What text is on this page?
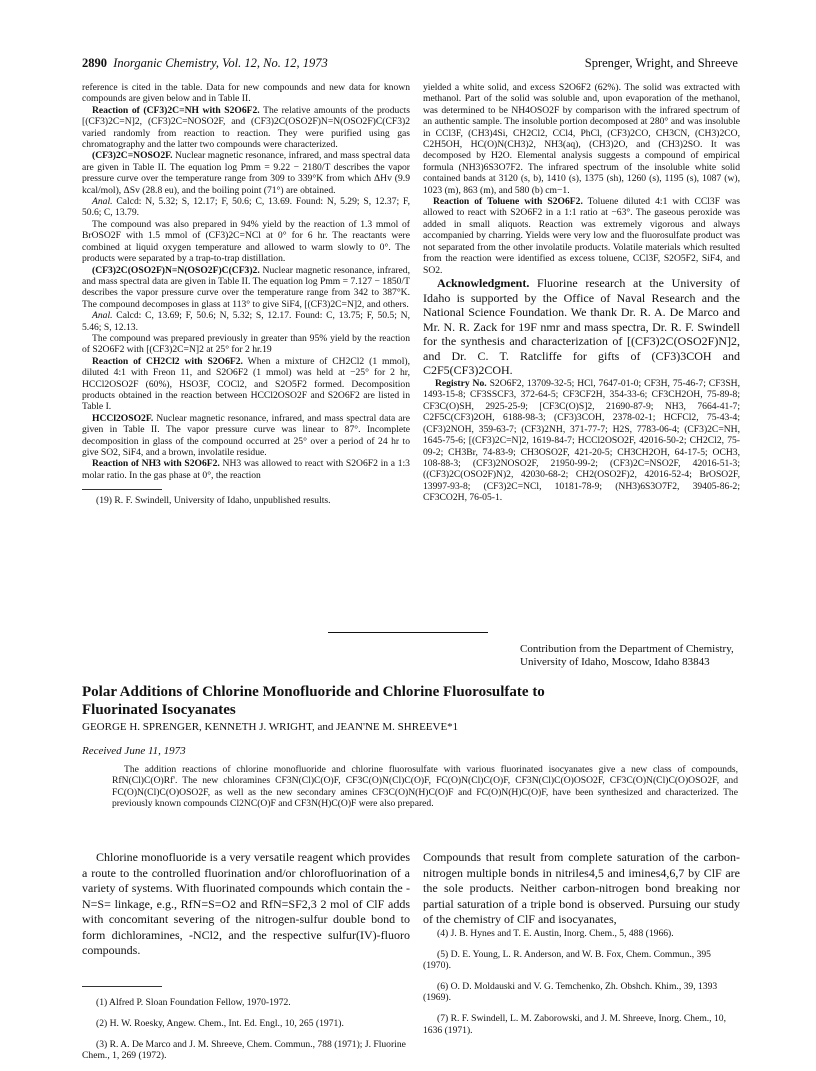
2890 Inorganic Chemistry, Vol. 12, No. 12, 1973	Sprenger, Wright, and Shreeve

reference is cited in the table. Data for new compounds and new data for known compounds are given below and in Table II.

Reaction of (CF3)2C=NH with S2O6F2. The relative amounts of the products [(CF3)2C=N]2, (CF3)2C=NOSO2F, and (CF3)2C(OSO2F)N=N(OSO2F)C(CF3)2 varied randomly from reaction to reaction. They were purified using gas chromatography and the latter two compounds were characterized.

(CF3)2C=NOSO2F. Nuclear magnetic resonance, infrared, and mass spectral data are given in Table II. The equation log Pmm = 9.22 − 2180/T describes the vapor pressure curve over the temperature range from 309 to 339°K from which ΔHv (9.9 kcal/mol), ΔSv (28.8 eu), and the boiling point (71°) are obtained.

Anal. Calcd: N, 5.32; S, 12.17; F, 50.6; C, 13.69. Found: N, 5.29; S, 12.37; F, 50.6; C, 13.79.

The compound was also prepared in 94% yield by the reaction of 1.3 mmol of BrOSO2F with 1.5 mmol of (CF3)2C=NCl at 0° for 6 hr. The reactants were combined at liquid oxygen temperature and allowed to warm slowly to 0°. The products were separated by a trap-to-trap distillation.

(CF3)2C(OSO2F)N=N(OSO2F)C(CF3)2. Nuclear magnetic resonance, infrared, and mass spectral data are given in Table II. The equation log Pmm = 7.127 − 1850/T describes the vapor pressure curve over the temperature range from 342 to 387°K. The compound decomposes in glass at 113° to give SiF4, [(CF3)2C=N]2, and others.

Anal. Calcd: C, 13.69; F, 50.6; N, 5.32; S, 12.17. Found: C, 13.75; F, 50.5; N, 5.46; S, 12.13.

The compound was prepared previously in greater than 95% yield by the reaction of S2O6F2 with [(CF3)2C=N]2 at 25° for 2 hr.19

Reaction of CH2Cl2 with S2O6F2. When a mixture of CH2Cl2 (1 mmol), diluted 4:1 with Freon 11, and S2O6F2 (1 mmol) was held at −25° for 2 hr, HCCl2OSO2F (60%), HSO3F, COCl2, and S2O5F2 formed. Decomposition products obtained in the reaction between HCCl2OSO2F and S2O6F2 are listed in Table I.

HCCl2OSO2F. Nuclear magnetic resonance, infrared, and mass spectral data are given in Table II. The vapor pressure curve was linear to 87°. Incomplete decomposition in glass of the compound occurred at 25° over a period of 24 hr to give SO2, SiF4, and a brown, involatile residue.

Reaction of NH3 with S2O6F2. NH3 was allowed to react with S2O6F2 in a 1:3 molar ratio. In the gas phase at 0°, the reaction

(19) R. F. Swindell, University of Idaho, unpublished results.

yielded a white solid, and excess S2O6F2 (62%). The solid was extracted with methanol. Part of the solid was soluble and, upon evaporation of the methanol, was determined to be NH4OSO2F by comparison with the infrared spectrum of an authentic sample. The insoluble portion decomposed at 280° and was insoluble in CCl3F, (CH3)4Si, CH2Cl2, CCl4, PhCl, (CF3)2CO, CH3CN, (CH3)2CO, C2H5OH, HC(O)N(CH3)2, NH3(aq), (CH3)2O, and (CH3)2SO. It was decomposed by H2O. Elemental analysis suggests a compound of empirical formula (NH3)6S3O7F2. The infrared spectrum of the insoluble white solid contained bands at 3120 (s, b), 1410 (s), 1375 (sh), 1260 (s), 1195 (s), 1087 (w), 1023 (m), 863 (m), and 580 (b) cm−1.

Reaction of Toluene with S2O6F2. Toluene diluted 4:1 with CCl3F was allowed to react with S2O6F2 in a 1:1 ratio at −63°. The gaseous peroxide was added in small aliquots. Reaction was extremely vigorous and always accompanied by charring. Yields were very low and the fluorosulfate product was not separated from the other involatile products. Volatile materials which resulted from the reaction were identified as excess toluene, CCl3F, S2O5F2, SiF4, and SO2.

Acknowledgment. Fluorine research at the University of Idaho is supported by the Office of Naval Research and the National Science Foundation. We thank Dr. R. A. De Marco and Mr. N. R. Zack for 19F nmr and mass spectra, Dr. R. F. Swindell for the synthesis and characterization of [(CF3)2C(OSO2F)N]2, and Dr. C. T. Ratcliffe for gifts of (CF3)3COH and C2F5(CF3)2COH.

Registry No. S2O6F2, 13709-32-5; HCl, 7647-01-0; CF3H, 75-46-7; CF3SH, 1493-15-8; CF3SSCF3, 372-64-5; CF3CF2H, 354-33-6; CF3CH2OH, 75-89-8; CF3C(O)SH, 2925-25-9; [CF3C(O)S]2, 21690-87-9; NH3, 7664-41-7; C2F5C(CF3)2OH, 6188-98-3; (CF3)3COH, 2378-02-1; HCFCl2, 75-43-4; (CF3)2NOH, 359-63-7; (CF3)2NH, 371-77-7; H2S, 7783-06-4; (CF3)2C=NH, 1645-75-6; [(CF3)2C=N]2, 1619-84-7; HCCl2OSO2F, 42016-50-2; CH2Cl2, 75-09-2; CH3Br, 74-83-9; CH3OSO2F, 421-20-5; CH3CH2OH, 64-17-5; OCH3, 108-88-3; (CF3)2NOSO2F, 21950-99-2; (CF3)2C=NSO2F, 42016-51-3; ((CF3)2C(OSO2F)N)2, 42030-68-2; CH2(OSO2F)2, 42016-52-4; BrOSO2F, 13997-93-8; (CF3)2C=NCl, 10181-78-9; (NH3)6S3O7F2, 39405-86-2; CF3CO2H, 76-05-1.

Contribution from the Department of Chemistry, University of Idaho, Moscow, Idaho 83843
Polar Additions of Chlorine Monofluoride and Chlorine Fluorosulfate to Fluorinated Isocyanates
GEORGE H. SPRENGER, KENNETH J. WRIGHT, and JEAN'NE M. SHREEVE*1
Received June 11, 1973
The addition reactions of chlorine monofluoride and chlorine fluorosulfate with various fluorinated isocyanates give a new class of compounds, RfN(Cl)C(O)Rf'. The new chloramines CF3N(Cl)C(O)F, CF3C(O)N(Cl)C(O)F, FC(O)N(Cl)C(O)F, CF3N(Cl)C(O)OSO2F, CF3C(O)N(Cl)C(O)OSO2F, and FC(O)N(Cl)C(O)OSO2F, as well as the new secondary amines CF3C(O)N(H)C(O)F and FC(O)N(H)C(O)F, have been synthesized and characterized. The previously known compounds Cl2NC(O)F and CF3N(H)C(O)F were also prepared.

Chlorine monofluoride is a very versatile reagent which provides a route to the controlled fluorination and/or chlorofluorination of a variety of systems. With fluorinated compounds which contain the -N=S= linkage, e.g., RfN=S=O2 and RfN=SF2,3 2 mol of ClF adds with concomitant severing of the nitrogen-sulfur double bond to form dichloramines, -NCl2, and the respective sulfur(IV)-fluoro compounds.

Compounds that result from complete saturation of the carbon-nitrogen multiple bonds in nitriles4,5 and imines4,6,7 by ClF are the sole products. Neither carbon-nitrogen bond breaking nor partial saturation of a triple bond is observed. Pursuing our study of the chemistry of ClF and isocyanates,

(1) Alfred P. Sloan Foundation Fellow, 1970-1972.

(2) H. W. Roesky, Angew. Chem., Int. Ed. Engl., 10, 265 (1971).

(3) R. A. De Marco and J. M. Shreeve, Chem. Commun., 788 (1971); J. Fluorine Chem., 1, 269 (1972).

(4) J. B. Hynes and T. E. Austin, Inorg. Chem., 5, 488 (1966).

(5) D. E. Young, L. R. Anderson, and W. B. Fox, Chem. Commun., 395 (1970).

(6) O. D. Moldauski and V. G. Temchenko, Zh. Obshch. Khim., 39, 1393 (1969).

(7) R. F. Swindell, L. M. Zaborowski, and J. M. Shreeve, Inorg. Chem., 10, 1636 (1971).
